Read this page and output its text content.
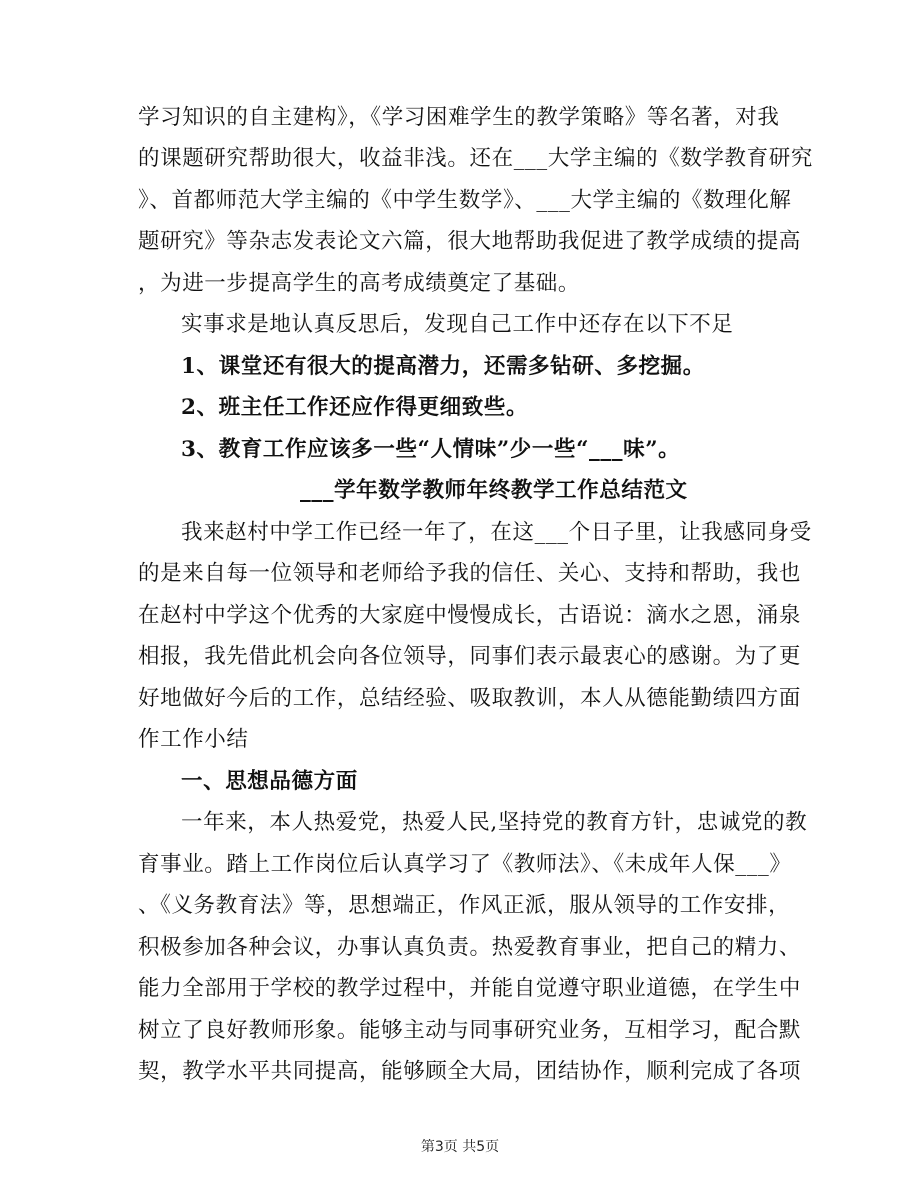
学习知识的自主建构》，《学习困难学生的教学策略》等名著，对我
的课题研究帮助很大，收益非浅。还在___大学主编的《数学教育研究
》、首都师范大学主编的《中学生数学》、___大学主编的《数理化解
题研究》等杂志发表论文六篇，很大地帮助我促进了教学成绩的提高
，为进一步提高学生的高考成绩奠定了基础。
实事求是地认真反思后，发现自己工作中还存在以下不足
1、课堂还有很大的提高潜力，还需多钻研、多挖掘。
2、班主任工作还应作得更细致些。
3、教育工作应该多一些“人情味”少一些“___味”。
___学年数学教师年终教学工作总结范文
我来赵村中学工作已经一年了，在这___个日子里，让我感同身受
的是来自每一位领导和老师给予我的信任、关心、支持和帮助，我也
在赵村中学这个优秀的大家庭中慢慢成长，古语说：滴水之恩，涌泉
相报，我先借此机会向各位领导，同事们表示最衷心的感谢。为了更
好地做好今后的工作，总结经验、吸取教训，本人从德能勤绩四方面
作工作小结
一、思想品德方面
一年来，本人热爱党，热爱人民,坚持党的教育方针，忠诚党的教
育事业。踏上工作岗位后认真学习了《教师法》、《未成年人保___》
、《义务教育法》等，思想端正，作风正派，服从领导的工作安排，
积极参加各种会议，办事认真负责。热爱教育事业，把自己的精力、
能力全部用于学校的教学过程中，并能自觉遵守职业道德，在学生中
树立了良好教师形象。能够主动与同事研究业务，互相学习，配合默
契，教学水平共同提高，能够顾全大局，团结协作，顺利完成了各项
第3页 共5页
